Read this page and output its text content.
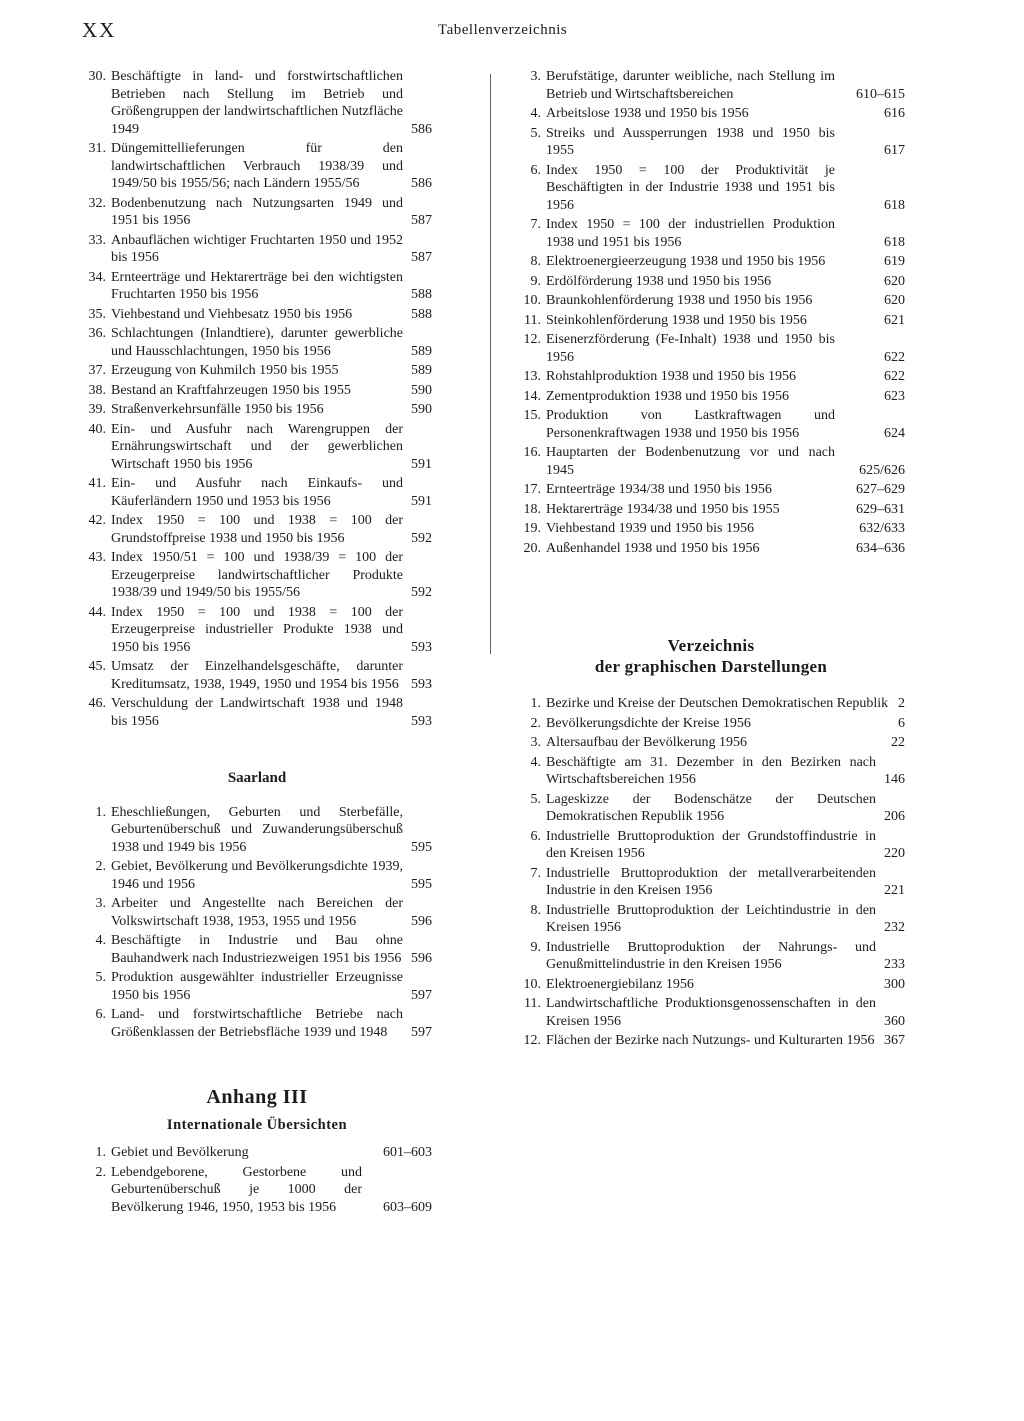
XX	Tabellenverzeichnis
30. Beschäftigte in land- und forstwirtschaftlichen Betrieben nach Stellung im Betrieb und Größengruppen der landwirtschaftlichen Nutzfläche 1949	586
31. Düngemittellieferungen für den landwirtschaftlichen Verbrauch 1938/39 und 1949/50 bis 1955/56; nach Ländern 1955/56	586
32. Bodenbenutzung nach Nutzungsarten 1949 und 1951 bis 1956	587
33. Anbauflächen wichtiger Fruchtarten 1950 und 1952 bis 1956	587
34. Ernteerträge und Hektarerträge bei den wichtigsten Fruchtarten 1950 bis 1956	588
35. Viehbestand und Viehbesatz 1950 bis 1956	588
36. Schlachtungen (Inlandtiere), darunter gewerbliche und Hausschlachtungen, 1950 bis 1956	589
37. Erzeugung von Kuhmilch 1950 bis 1955	589
38. Bestand an Kraftfahrzeugen 1950 bis 1955	590
39. Straßenverkehrsunfälle 1950 bis 1956	590
40. Ein- und Ausfuhr nach Warengruppen der Ernährungswirtschaft und der gewerblichen Wirtschaft 1950 bis 1956	591
41. Ein- und Ausfuhr nach Einkaufs- und Käuferländern 1950 und 1953 bis 1956	591
42. Index 1950 = 100 und 1938 = 100 der Grundstoffpreise 1938 und 1950 bis 1956	592
43. Index 1950/51 = 100 und 1938/39 = 100 der Erzeugerpreise landwirtschaftlicher Produkte 1938/39 und 1949/50 bis 1955/56	592
44. Index 1950 = 100 und 1938 = 100 der Erzeugerpreise industrieller Produkte 1938 und 1950 bis 1956	593
45. Umsatz der Einzelhandelsgeschäfte, darunter Kreditumsatz, 1938, 1949, 1950 und 1954 bis 1956 593
46. Verschuldung der Landwirtschaft 1938 und 1948 bis 1956	593
Saarland
1. Eheschließungen, Geburten und Sterbefälle, Geburtenüberschuß und Zuwanderungsüberschuß 1938 und 1949 bis 1956	595
2. Gebiet, Bevölkerung und Bevölkerungsdichte 1939, 1946 und 1956	595
3. Arbeiter und Angestellte nach Bereichen der Volkswirtschaft 1938, 1953, 1955 und 1956	596
4. Beschäftigte in Industrie und Bau ohne Bauhandwerk nach Industriezweigen 1951 bis 1956 596
5. Produktion ausgewählter industrieller Erzeugnisse 1950 bis 1956	597
6. Land- und forstwirtschaftliche Betriebe nach Größenklassen der Betriebsfläche 1939 und 1948	597
Anhang III
Internationale Übersichten
1. Gebiet und Bevölkerung	601–603
2. Lebendgeborene, Gestorbene und Geburtenüberschuß je 1000 der Bevölkerung 1946, 1950, 1953 bis 1956	603–609
3. Berufstätige, darunter weibliche, nach Stellung im Betrieb und Wirtschaftsbereichen	610–615
4. Arbeitslose 1938 und 1950 bis 1956	616
5. Streiks und Aussperrungen 1938 und 1950 bis 1955	617
6. Index 1950 = 100 der Produktivität je Beschäftigten in der Industrie 1938 und 1951 bis 1956	618
7. Index 1950 = 100 der industriellen Produktion 1938 und 1951 bis 1956	618
8. Elektroenergieerzeugung 1938 und 1950 bis 1956	619
9. Erdölförderung 1938 und 1950 bis 1956	620
10. Braunkohlenförderung 1938 und 1950 bis 1956	620
11. Steinkohlenförderung 1938 und 1950 bis 1956	621
12. Eisenerzförderung (Fe-Inhalt) 1938 und 1950 bis 1956	622
13. Rohstahlproduktion 1938 und 1950 bis 1956	622
14. Zementproduktion 1938 und 1950 bis 1956	623
15. Produktion von Lastkraftwagen und Personenkraftwagen 1938 und 1950 bis 1956	624
16. Hauptarten der Bodenbenutzung vor und nach 1945	625/626
17. Ernteerträge 1934/38 und 1950 bis 1956	627–629
18. Hektarerträge 1934/38 und 1950 bis 1955	629–631
19. Viehbestand 1939 und 1950 bis 1956	632/633
20. Außenhandel 1938 und 1950 bis 1956	634–636
Verzeichnis
der graphischen Darstellungen
1. Bezirke und Kreise der Deutschen Demokratischen Republik 2
2. Bevölkerungsdichte der Kreise 1956	6
3. Altersaufbau der Bevölkerung 1956	22
4. Beschäftigte am 31. Dezember in den Bezirken nach Wirtschaftsbereichen 1956	146
5. Lageskizze der Bodenschätze der Deutschen Demokratischen Republik 1956	206
6. Industrielle Bruttoproduktion der Grundstoffindustrie in den Kreisen 1956	220
7. Industrielle Bruttoproduktion der metallverarbeitenden Industrie in den Kreisen 1956	221
8. Industrielle Bruttoproduktion der Leichtindustrie in den Kreisen 1956	232
9. Industrielle Bruttoproduktion der Nahrungs- und Genußmittelindustrie in den Kreisen 1956	233
10. Elektroenergiebilanz 1956	300
11. Landwirtschaftliche Produktionsgenossenschaften in den Kreisen 1956	360
12. Flächen der Bezirke nach Nutzungs- und Kulturarten 1956 367
